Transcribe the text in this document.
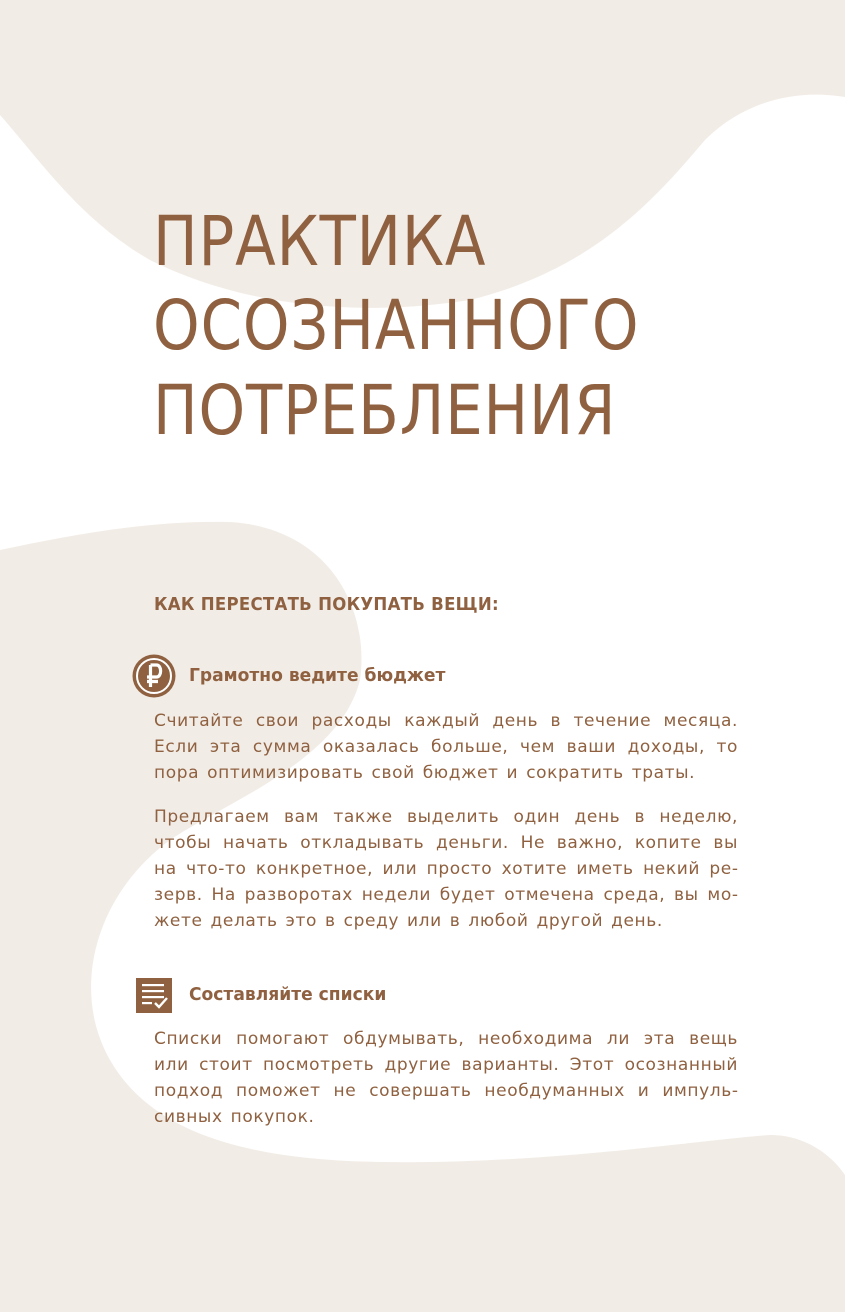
ПРАКТИКА
ОСОЗНАННОГО
ПОТРЕБЛЕНИЯ
КАК ПЕРЕСТАТЬ ПОКУПАТЬ ВЕЩИ:
Грамотно ведите бюджет
Считайте свои расходы каждый день в течение месяца. Если эта сумма оказалась больше, чем ваши доходы, то пора оптимизировать свой бюджет и сократить траты.
Предлагаем вам также выделить один день в неделю, чтобы начать откладывать деньги. Не важно, копите вы на что-то конкретное, или просто хотите иметь некий резерв. На разворотах недели будет отмечена среда, вы можете делать это в среду или в любой другой день.
Составляйте списки
Списки помогают обдумывать, необходима ли эта вещь или стоит посмотреть другие варианты. Этот осознанный подход поможет не совершать необдуманных и импульсивных покупок.
